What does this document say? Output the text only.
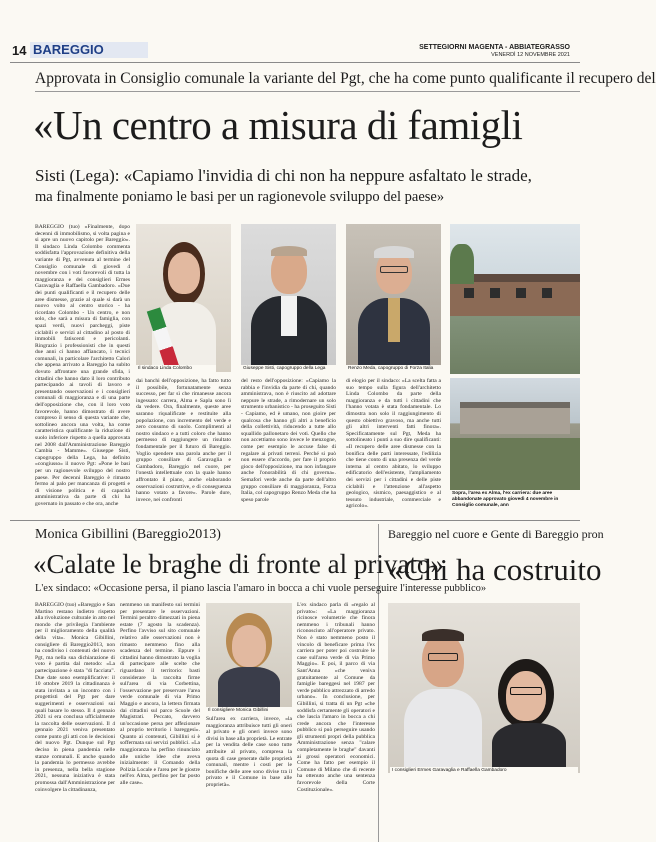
14 BAREGGIO	SETTEGIORNI MAGENTA - ABBIATEGRASSO
VENERDÌ 12 NOVEMBRE 2021
Approvata in Consiglio comunale la variante del Pgt, che ha come punto qualificante il recupero del
«Un centro a misura di famigli
Sisti (Lega): «Capiamo l'invidia di chi non ha neppure asfaltato le strade,
ma finalmente poniamo le basi per un ragionevole sviluppo del paese»
BAREGGIO (tuo) «Finalmente, dopo decenni di immobilismo, si volta pagina e si apre un nuovo capitolo per Bareggio». Il sindaco Linda Colombo commenta soddisfatta l'approvazione definitiva della variante di Pgt, avvenuta al termine del Consiglio comunale di giovedì 4 novembre con i voti favorevoli di tutta la maggioranza e dei consiglieri Ermes Garavaglia e Raffaella Gambadoro. «Due dei punti qualificanti e il recupero delle aree dismesse, grazie al quale si darà un nuovo volto al centro storico - ha ricordato Colombo - Un centro, e non solo, che sarà a misura di famiglia, con spazi verdi, nuovi parcheggi, piste ciclabili e servizi al cittadino al posto di immobili fatiscenti e pericolanti. Ringrazio i professionisti che in questi due anni ci hanno affiancato, i tecnici comunali, in particolare l'architetto Calori che appena arrivato a Bareggio ha subito dovuto affrontare una grande sfida, i cittadini che hanno dato il loro contributo partecipando ai tavoli di lavoro e presentando osservazioni e i consiglieri comunali di maggioranza e di una parte dell'opposizione che, con il loro voto favorevole, hanno dimostrato di avere compreso il senso di questa variante che, sottolineo ancora una volta, ha come caratteristica qualificante la riduzione di suolo inferiore rispetto a quella approvata nel 2008 dall'Amministrazione Bareggio Cambia - Mamme». Giuseppe Sisti, capogruppo della Lega, ha definito «congiusso» il nuovo Pgt: «Pone le basi per un ragionevole sviluppo del nostro paese. Per decenni Bareggio è rimasto fermo al palo per mancanza di progetti e di visione politica e di capacità amministrativa da parte di chi ha governato in passato e che ora, anche
Il sindaco Linda Colombo	Giuseppe Sisti, capogruppo della Lega	Renzo Meda, capogruppo di Forza Italia
dai banchi dell'opposizione, ha fatto tutto il possibile, fortunatamente senza successo, per far sì che rimanesse ancora ingessato: carrera, Alma e Sapla sono lì da vedere. Ora, finalmente, queste aree saranno riqualificate e restituite alla popolazione, con incremento del verde e zero consumo di suolo. Complimenti al nostro sindaco e a tutti coloro che hanno permesso di raggiungere un risultato fondamentale per il futuro di Bareggio. Voglio spendere una parola anche per il gruppo consiliare di Garavaglia e Gambadoro, Bareggio nel cuore, per l'onestà intellettuale con la quale hanno affrontato il piano, anche elaborando osservazioni costruttive, e di conseguenza hanno votato a favore». Parole dure, invece, nei confronti
del resto dell'opposizione: «Capiamo la rabbia e l'invidia da parte di chi, quando amministrava, non è riuscito ad adottare neppure le strade, a rimodernare un solo strumento urbanistico - ha proseguito Sisti - Capiamo, ed è umano, non gioire per qualcosa che hanno gli altri a beneficio della collettività, riducendo a tutte allo squallido pallonetaro dei voti. Quello che non accettiamo sono invece le menzogne, come per esempio le accuse false di regalare ai privati terreni. Perché si può non essere d'accordo, per fare il proprio gioco dell'opposizione, ma non infangare anche l'onorabilità di chi governa». Semafori verde anche da parte dell'altro gruppo consiliare di maggioranza, Forza Italia, col capogruppo Renzo Meda che ha speso parole
di elogio per il sindaco: «La scelta fatta a suo tempo sulla figura dell'architetto Linda Colombo da parte della maggioranza e da tutti i cittadini che l'hanno votata è stata fondamentale. Lo dimostra non solo il raggiungimento di questo obiettivo gravoso, ma anche tutti gli altri interventi fatti finora». Specificatamente sul Pgt, Meda ha sottolineato i punti a suo dire qualificanti: «Il recupero delle aree dismesse con la bonifica delle parti interessate, l'edilizia che tiene conto di una presenza del verde interna al centro abitato, lo sviluppo edificatorio dell'esistente, l'ampliamento dei servizi per i cittadini e delle piste ciclabili e l'attenzione all'aspetto geologico, sismico, paesaggistico e al tessuto industriale, commerciale e agricolo».
Sopra, l'area ex Alma, l'ex carriera: due aree abbandonate approvato giovedì 4 novembre in Consiglio comunale, ann
Monica Gibillini (Bareggio2013)
«Calate le braghe di fronte al privato»
L'ex sindaco: «Occasione persa, il piano lascia l'amaro in bocca a chi vuole perseguire l'interesse pubblico»
BAREGGIO (tuo) «Bareggio e San Martino restano indietro rispetto alla rivoluzione culturale in atto nel mondo che privilegia l'ambiente per il miglioramento della qualità della vita». Monica Gibillini, consigliere di Bareggio2013, non ha condiviso i contenuti del nuovo Pgt, ma nella sua dichiarazione di voto è partita dal metodo: «La partecipazione è stata "di facciata". Due date sono esemplificative: il 10 ottobre 2019 la cittadinanza è stata invitata a un incontro con i progettisti del Pgt per dare suggerimenti e osservazioni sui quali basare lo stesso. Il 4 gennaio 2021 si era conclusa ufficialmente la raccolta delle osservazioni. Il 4 gennaio 2021 veniva presentato come punto gli atti con le decisioni del nuovo Pgt. Dunque sul Pgt deciso in piena pandemia nelle stanze comunali. E anche quando la pandemia lo permesso avrebbe in presenza, nella bella stagione 2021, nessuna iniziativa è stata promossa dall'Amministrazione per coinvolgere la cittadinanza,
nemmeno un manifesto sui termini per presentare le osservazioni. Termini peraltro dimezzati in piena estate (7 agosto la scadenza). Perfino l'avviso sul sito comunale relativo alle osservazioni non è rimasto nemmeno fino alla scadenza del termine. Eppure i cittadini hanno dimostrato la voglia di partecipare alle scelte che riguardano il territorio: basti considerare la raccolta firme sull'area di via Corbettina, l'osservazione per preservare l'area verde comunale di via Primo Maggio e ancora, la lettera firmata dai cittadini sul parco Scuole del Magistrati. Peccato, davvero un'occasione persa per affezionare al proprio territorio i bareggesi». Quanto ai contenuti, Gibillini si è soffermata sui servizi pubblici. «La maggioranza ha perfino rinunciato alle uniche idee che aveva inizialmente: il Comando della Polizia Locale e l'area per le giostre nell'ex Alma, perfino per far posto alle case».
Il consigliere Monica Gibillini
Sull'area ex carriera, invece, «la maggioranza attribuisce tutti gli oneri al privato e gli oneri invece sono divisi in base alla proprietà. Le entrate per la vendita delle case sono tutte attribuite al privato, compresa la quota di case generate dalle proprietà comunali, mentre i costi per le bonifiche delle aree sono divise tra il privato e il Comune in base alle proprietà».
L'ex sindaco parla di «regalo al privato»: «La maggioranza ricinosce volumetrie che finora nemmeno i tribunali hanno riconosciuto all'operatore privato. Non è stato nemmeno posto il vincolo di beneficare prima l'ex carriera per poter poi costruire le case sull'area verde di via Primo Maggio». E poi, il parco di via Sant'Anna «che veniva gratuitamente al Comune da famiglie bareggesi nel 1987 per verde pubblico attrezzato di arredo urbano». In conclusione, per Gibillini, si tratta di un Pgt «che soddisfa certamente gli operatori e che lascia l'amaro in bocca a chi crede ancora che l'interesse pubblico si può perseguire usando gli strumenti propri della pubblica Amministrazione senza "calare completamente le braghe" davanti ai grossi operatori economici. Come ha fatto per esempio il Comune di Milano che di recente ha ottenuto anche una sentenza favorevole della Corte Costituzionale».
Bareggio nel cuore e Gente di Bareggio pron
«Chi ha costruito
I consiglieri Ermes Garavaglia e Raffaella Gambadoro
